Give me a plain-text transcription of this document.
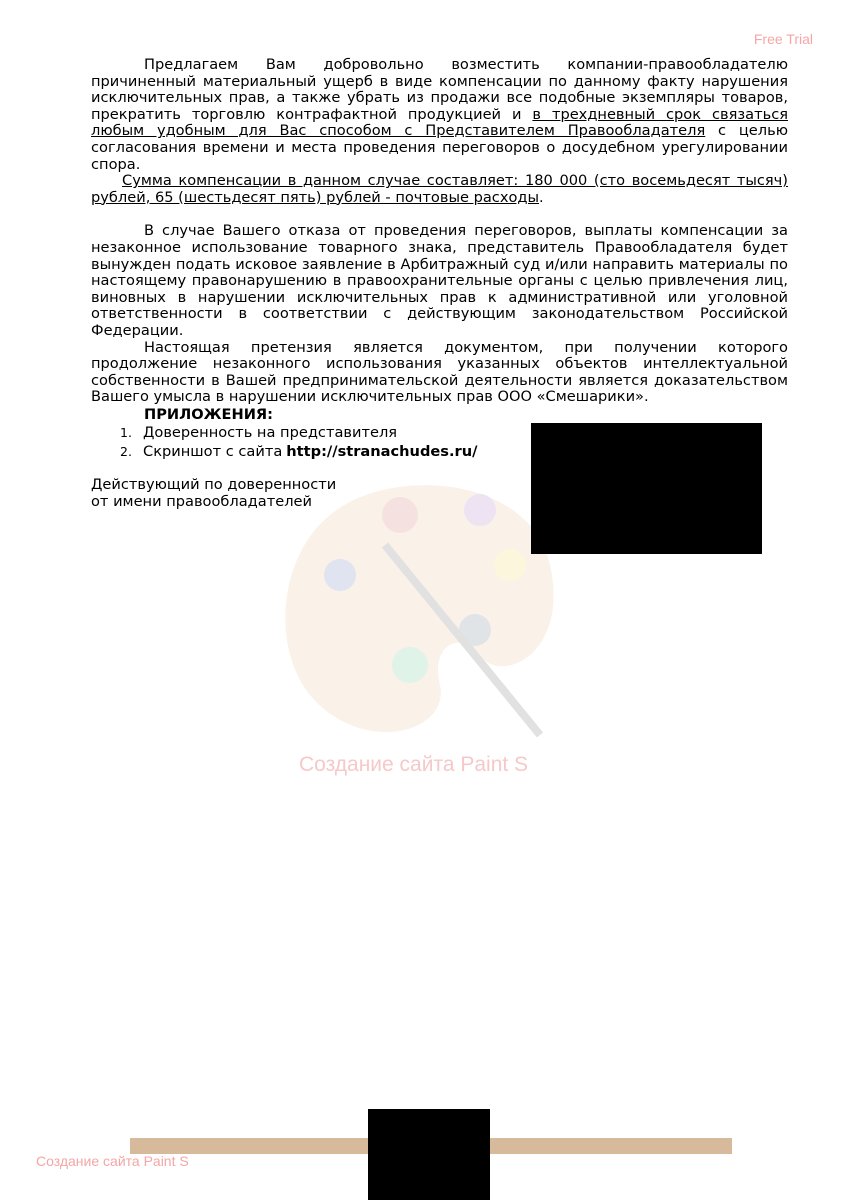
Free Trial
Создание сайта Paint S

Предлагаем Вам добровольно возместить компании-правообладателю причиненный материальный ущерб в виде компенсации по данному факту нарушения исключительных прав, а также убрать из продажи все подобные экземпляры товаров, прекратить торговлю контрафактной продукцией и в трехдневный срок связаться любым удобным для Вас способом с Представителем Правообладателя с целью согласования времени и места проведения переговоров о досудебном урегулировании спора.

Сумма компенсации в данном случае составляет: 180 000 (сто восемьдесят тысяч) рублей, 65 (шестьдесят пять) рублей - почтовые расходы.

В случае Вашего отказа от проведения переговоров, выплаты компенсации за незаконное использование товарного знака, представитель Правообладателя будет вынужден подать исковое заявление в Арбитражный суд и/или направить материалы по настоящему правонарушению в правоохранительные органы с целью привлечения лиц, виновных в нарушении исключительных прав к административной или уголовной ответственности в соответствии с действующим законодательством Российской Федерации.

Настоящая претензия является документом, при получении которого продолжение незаконного использования указанных объектов интеллектуальной собственности в Вашей предпринимательской деятельности является доказательством Вашего умысла в нарушении исключительных прав ООО «Смешарики».

ПРИЛОЖЕНИЯ:
1. Доверенность на представителя
2. Скриншот с сайта http://stranachudes.ru/
Действующий по доверенности
от имени правообладателей
Создание сайта Paint S
